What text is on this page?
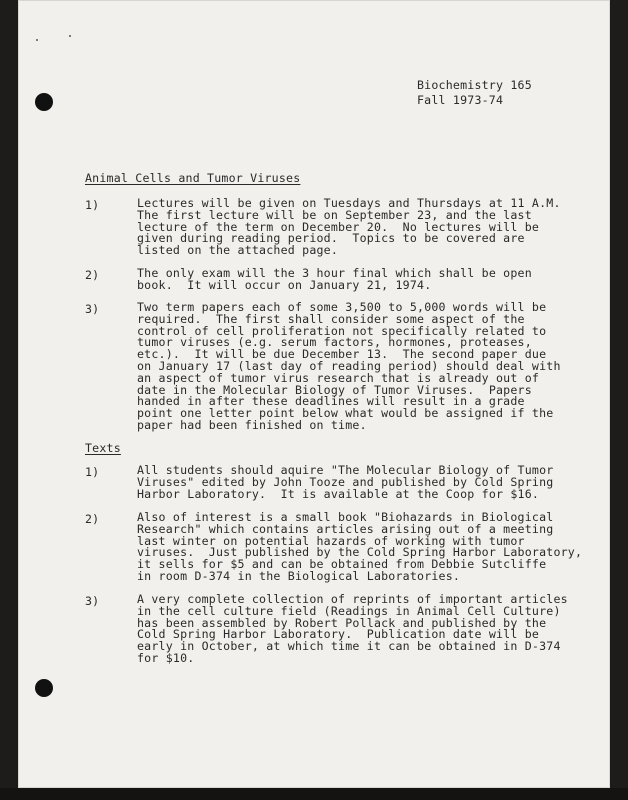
Biochemistry 165
Fall 1973-74
Animal Cells and Tumor Viruses
1)	Lectures will be given on Tuesdays and Thursdays at 11 A.M.
The first lecture will be on September 23, and the last
lecture of the term on December 20.  No lectures will be
given during reading period.  Topics to be covered are
listed on the attached page.
2)	The only exam will the 3 hour final which shall be open
book.  It will occur on January 21, 1974.
3)	Two term papers each of some 3,500 to 5,000 words will be
required.  The first shall consider some aspect of the
control of cell proliferation not specifically related to
tumor viruses (e.g. serum factors, hormones, proteases,
etc.).  It will be due December 13.  The second paper due
on January 17 (last day of reading period) should deal with
an aspect of tumor virus research that is already out of
date in the Molecular Biology of Tumor Viruses.  Papers
handed in after these deadlines will result in a grade
point one letter point below what would be assigned if the
paper had been finished on time.
Texts
1)	All students should aquire "The Molecular Biology of Tumor
Viruses" edited by John Tooze and published by Cold Spring
Harbor Laboratory.  It is available at the Coop for $16.
2)	Also of interest is a small book "Biohazards in Biological
Research" which contains articles arising out of a meeting
last winter on potential hazards of working with tumor
viruses.  Just published by the Cold Spring Harbor Laboratory,
it sells for $5 and can be obtained from Debbie Sutcliffe
in room D-374 in the Biological Laboratories.
3)	A very complete collection of reprints of important articles
in the cell culture field (Readings in Animal Cell Culture)
has been assembled by Robert Pollack and published by the
Cold Spring Harbor Laboratory.  Publication date will be
early in October, at which time it can be obtained in D-374
for $10.
